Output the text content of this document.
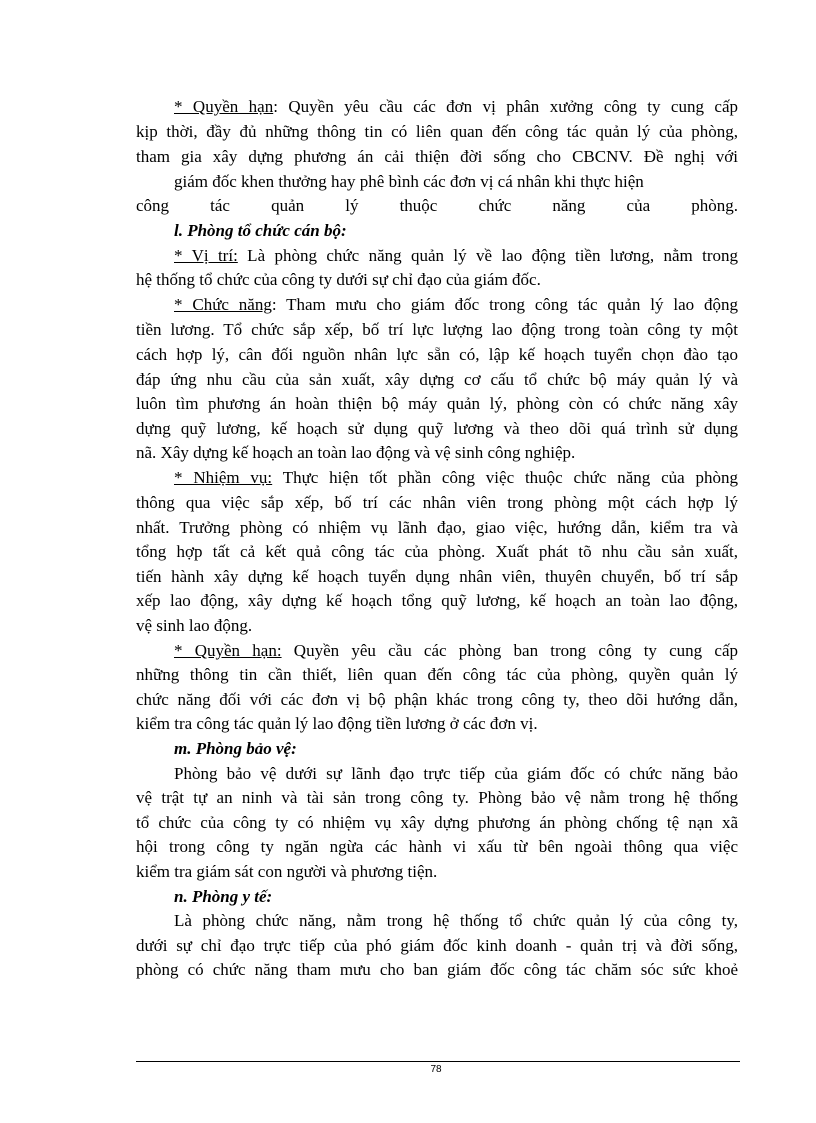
* Quyền hạn: Quyền yêu cầu các đơn vị phân xưởng công ty cung cấp
kịp thời, đầy đủ những thông tin có liên quan đến công tác quản lý của phòng,
tham gia xây dựng phương án cải thiện đời sống cho CBCNV. Đề nghị với
giám đốc khen thưởng hay phê bình các đơn vị cá nhân khi thực hiện
công tác quản lý thuộc chức năng của phòng.
l. Phòng tổ chức cán bộ:
* Vị trí: Là phòng chức năng quản lý về lao động tiền lương, nằm trong
hệ thống tổ chức của công ty dưới sự chỉ đạo của giám đốc.
* Chức năng: Tham mưu cho giám đốc trong công tác quản lý lao động
tiền lương. Tổ chức sắp xếp, bố trí lực lượng lao động trong toàn công ty một
cách hợp lý, cân đối nguồn nhân lực sẵn có, lập kế hoạch tuyển chọn đào tạo
đáp ứng nhu cầu của sản xuất, xây dựng cơ cấu tổ chức bộ máy quản lý và
luôn tìm phương án hoàn thiện bộ máy quản lý, phòng còn có chức năng xây
dựng quỹ lương, kế hoạch sử dụng quỹ lương và theo dõi quá trình sử dụng
nã. Xây dựng kế hoạch an toàn lao động và vệ sinh công nghiệp.
* Nhiệm vụ: Thực hiện tốt phần công việc thuộc chức năng của phòng
thông qua việc sắp xếp, bố trí các nhân viên trong phòng một cách hợp lý
nhất. Trưởng phòng có nhiệm vụ lãnh đạo, giao việc, hướng dẫn, kiểm tra và
tổng hợp tất cả kết quả công tác của phòng. Xuất phát tõ nhu cầu sản xuất,
tiến hành xây dựng kế hoạch tuyển dụng nhân viên, thuyên chuyển, bố trí sắp
xếp lao động, xây dựng kế hoạch tổng quỹ lương, kế hoạch an toàn lao động,
vệ sinh lao động.
* Quyền hạn: Quyền yêu cầu các phòng ban trong công ty cung cấp
những thông tin cần thiết, liên quan đến công tác của phòng, quyền quản lý
chức năng đối với các đơn vị bộ phận khác trong công ty, theo dõi hướng dẫn,
kiểm tra công tác quản lý lao động tiền lương ở các đơn vị.
m. Phòng bảo vệ:
Phòng bảo vệ dưới sự lãnh đạo trực tiếp của giám đốc có chức năng bảo
vệ trật tự an ninh và tài sản trong công ty. Phòng bảo vệ nằm trong hệ thống
tổ chức của công ty có nhiệm vụ xây dựng phương án phòng chống tệ nạn xã
hội trong công ty ngăn ngừa các hành vi xấu từ bên ngoài thông qua việc
kiểm tra giám sát con người và phương tiện.
n. Phòng y tế:
Là phòng chức năng, nằm trong hệ thống tổ chức quản lý của công ty,
dưới sự chỉ đạo trực tiếp của phó giám đốc kinh doanh - quản trị và đời sống,
phòng có chức năng tham mưu cho ban giám đốc công tác chăm sóc sức khoẻ
78
